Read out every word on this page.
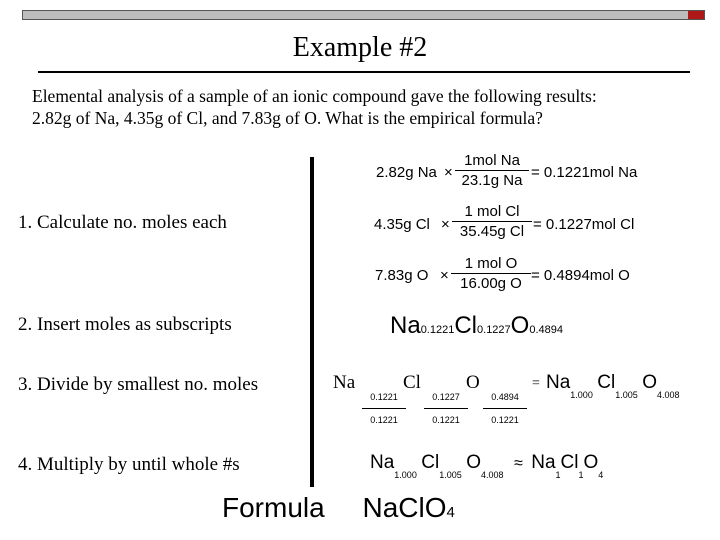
Example #2
Elemental analysis of a sample of an ionic compound gave the following results:
2.82g of Na, 4.35g of Cl, and 7.83g of O. What is the empirical formula?
1. Calculate no. moles each
2. Insert moles as subscripts
3. Divide by smallest no. moles
4. Multiply by until whole #s
2.82g Na ×
1mol Na
23.1g Na = 0.1221mol Na
4.35g Cl ×
1 mol Cl
35.45g Cl = 0.1227mol Cl
7.83g O ×
1 mol O
16.00g O = 0.4894mol O
Na0.1221Cl0.1227O0.4894
Na
0.1221
0.1221
Cl
0.1227
0.1221
O
0.4894
0.1221
= $Na_{1.000}$ $Cl_{1.005}$ $O_{4.008}$
$Na_{1.000}$ $Cl_{1.005}$ $O_{4.008} \approx Na_1Cl_1O_4$
Formula NaClO4
